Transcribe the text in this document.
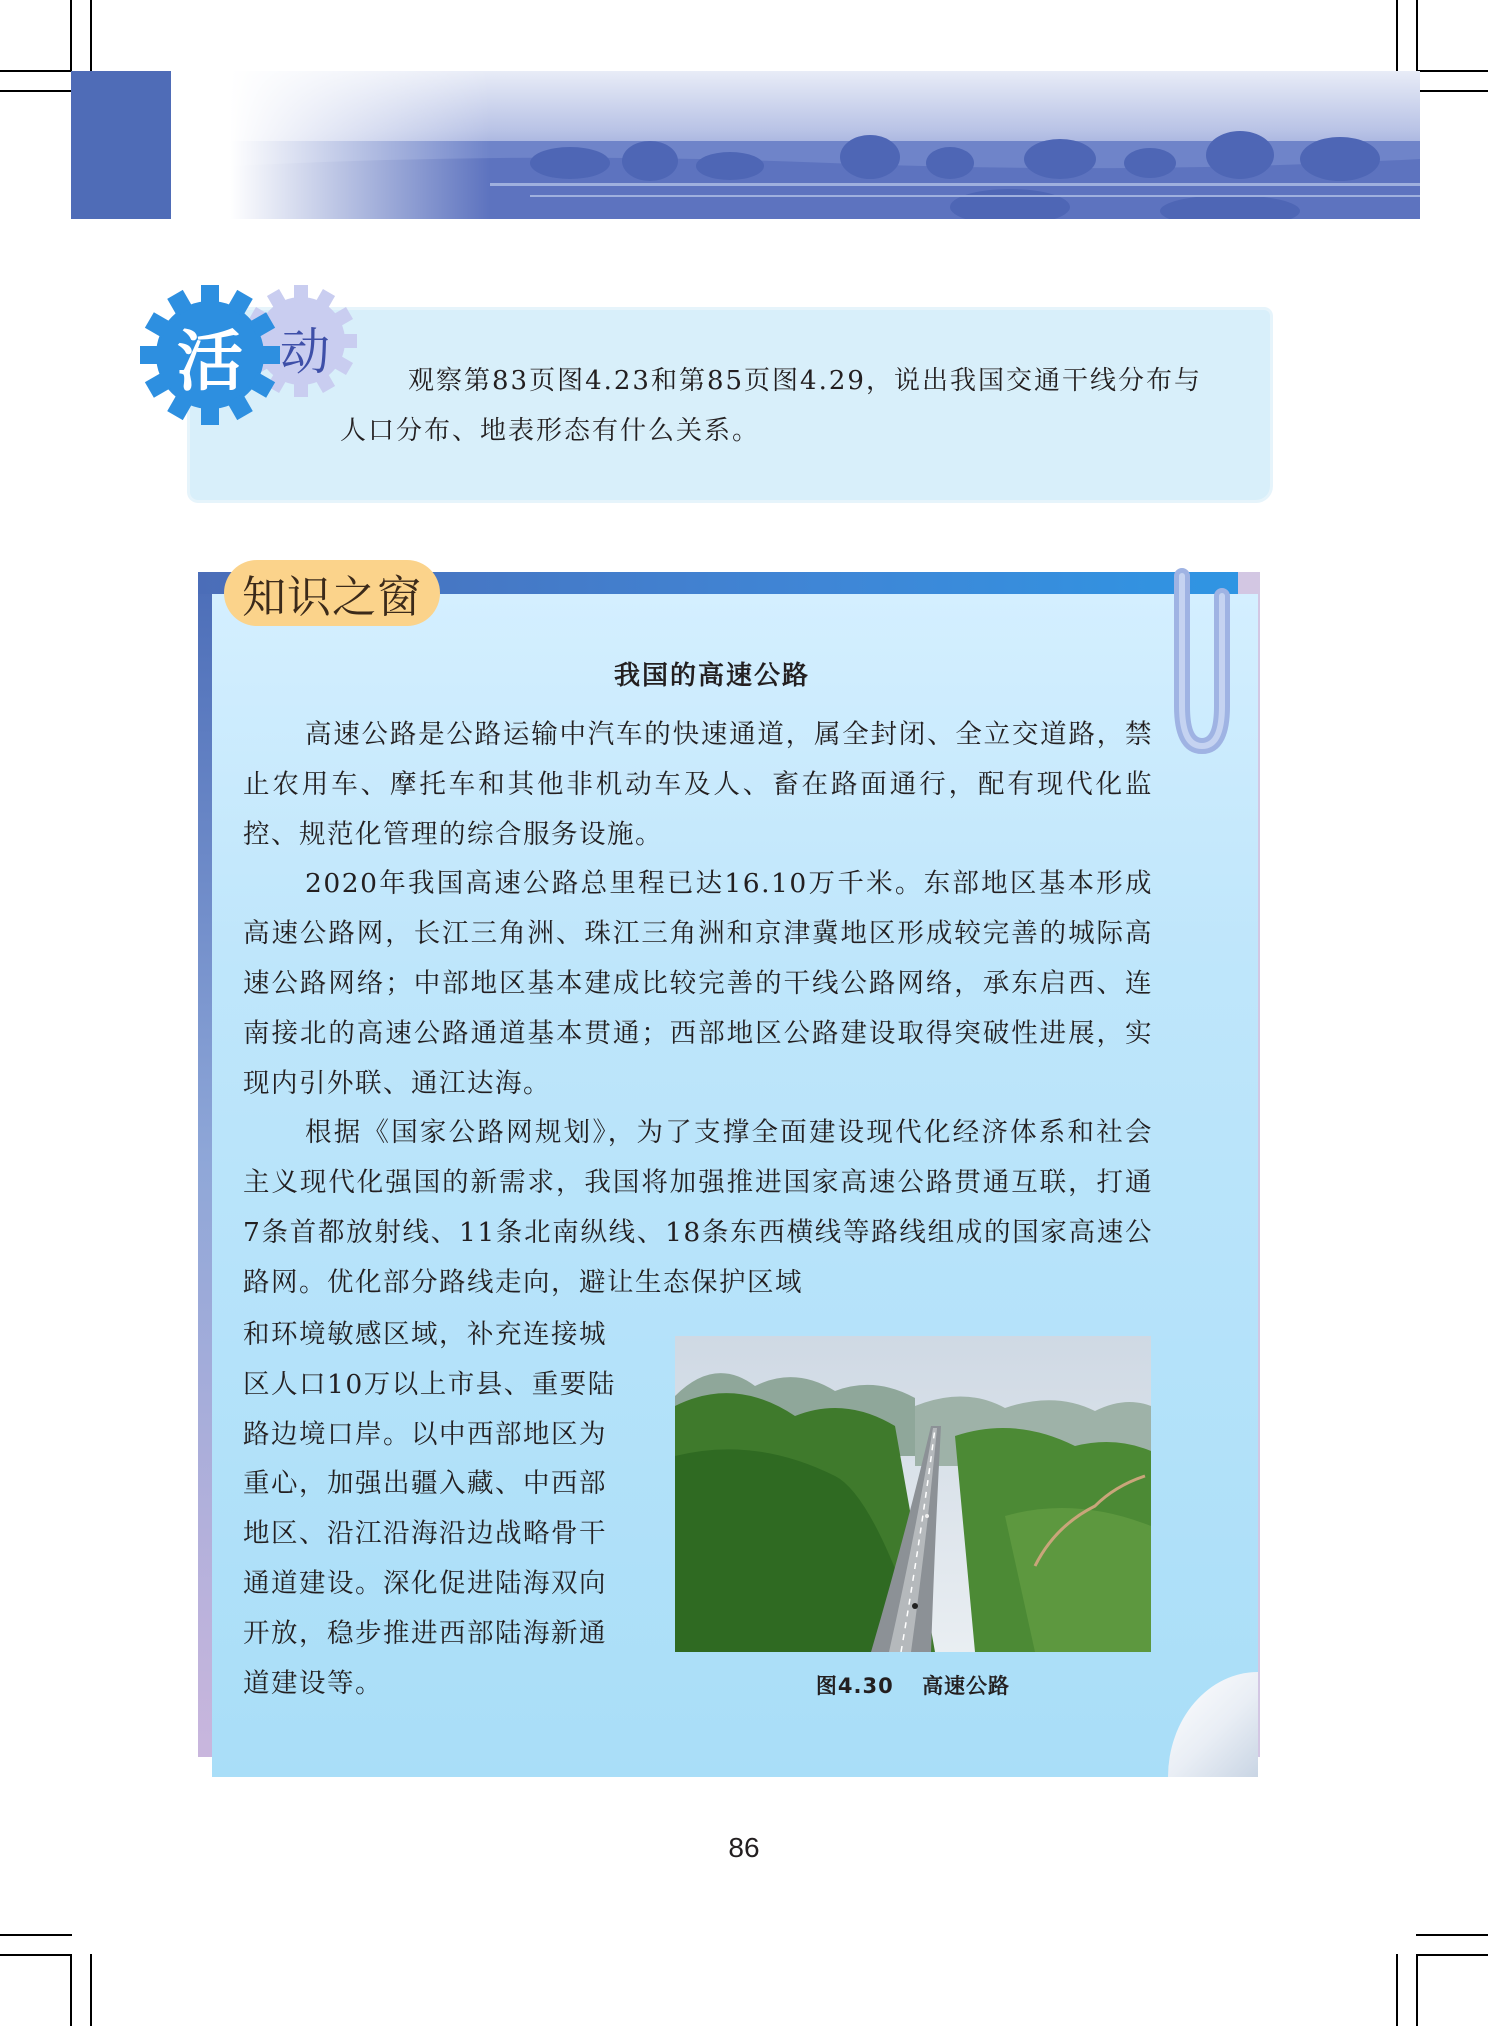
活 动	观察第83页图4.23和第85页图4.29，说出我国交通干线分布与

人口分布、地表形态有什么关系。

知识之窗
我国的高速公路

高速公路是公路运输中汽车的快速通道，属全封闭、全立交道路，禁止农用车、摩托车和其他非机动车及人、畜在路面通行，配有现代化监控、规范化管理的综合服务设施。

2020年我国高速公路总里程已达16.10万千米。东部地区基本形成高速公路网，长江三角洲、珠江三角洲和京津冀地区形成较完善的城际高速公路网络；中部地区基本建成比较完善的干线公路网络，承东启西、连南接北的高速公路通道基本贯通；西部地区公路建设取得突破性进展，实现内引外联、通江达海。

根据《国家公路网规划》，为了支撑全面建设现代化经济体系和社会主义现代化强国的新需求，我国将加强推进国家高速公路贯通互联，打通7条首都放射线、11条北南纵线、18条东西横线等路线组成的国家高速公路网。优化部分路线走向，避让生态保护区域

和环境敏感区域，补充连接城

区人口10万以上市县、重要陆

路边境口岸。以中西部地区为

重心，加强出疆入藏、中西部

地区、沿江沿海沿边战略骨干

通道建设。深化促进陆海双向

开放，稳步推进西部陆海新通

道建设等。	图4.30 高速公路
86
